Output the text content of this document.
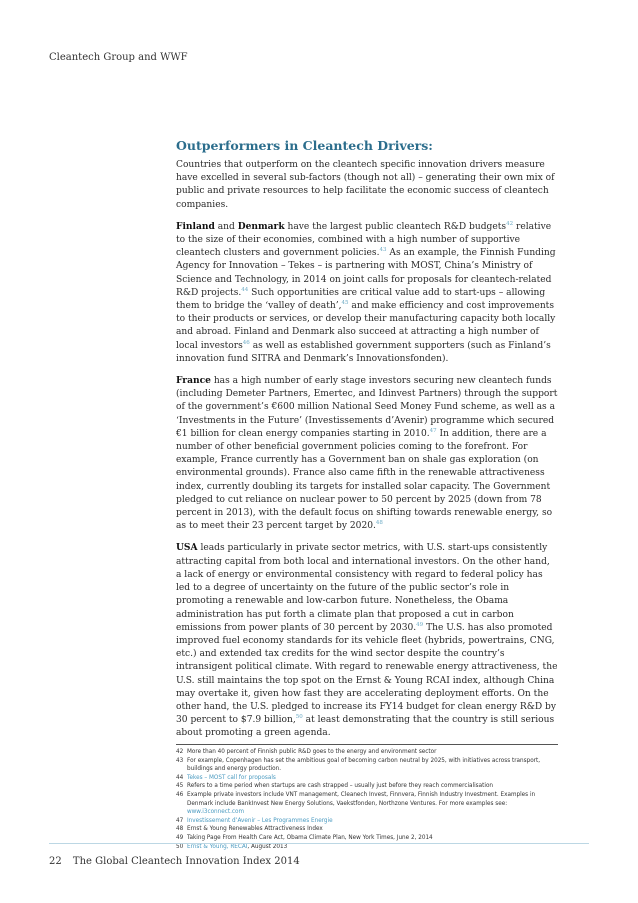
Cleantech Group and WWF
Outperformers in Cleantech Drivers:

Countries that outperform on the cleantech specific innovation drivers measure have excelled in several sub-factors (though not all) – generating their own mix of public and private resources to help facilitate the economic success of cleantech companies.

Finland and Denmark have the largest public cleantech R&D budgets$^{42}$ relative to the size of their economies, combined with a high number of supportive cleantech clusters and government policies.$^{43}$ As an example, the Finnish Funding Agency for Innovation – Tekes – is partnering with MOST, China’s Ministry of Science and Technology, in 2014 on joint calls for proposals for cleantech-related R&D projects.$^{44}$ Such opportunities are critical value add to start-ups – allowing them to bridge the ‘valley of death’,$^{45}$ and make efficiency and cost improvements to their products or services, or develop their manufacturing capacity both locally and abroad. Finland and Denmark also succeed at attracting a high number of local investors$^{46}$ as well as established government supporters (such as Finland’s innovation fund SITRA and Denmark’s Innovationsfonden).

France has a high number of early stage investors securing new cleantech funds (including Demeter Partners, Emertec, and Idinvest Partners) through the support of the government’s €600 million National Seed Money Fund scheme, as well as a ‘Investments in the Future’ (Investissements d’Avenir) programme which secured €1 billion for clean energy companies starting in 2010.47 In addition, there are a number of other beneficial government policies coming to the forefront. For example, France currently has a Government ban on shale gas exploration (on environmental grounds). France also came fifth in the renewable attractiveness index, currently doubling its targets for installed solar capacity. The Government pledged to cut reliance on nuclear power to 50 percent by 2025 (down from 78 percent in 2013), with the default focus on shifting towards renewable energy, so as to meet their 23 percent target by 2020.48

USA leads particularly in private sector metrics, with U.S. start-ups consistently attracting capital from both local and international investors. On the other hand, a lack of energy or environmental consistency with regard to federal policy has led to a degree of uncertainty on the future of the public sector’s role in promoting a renewable and low-carbon future. Nonetheless, the Obama administration has put forth a climate plan that proposed a cut in carbon emissions from power plants of 30 percent by 2030.49 The U.S. has also promoted improved fuel economy standards for its vehicle fleet (hybrids, powertrains, CNG, etc.) and extended tax credits for the wind sector despite the country’s intransigent political climate. With regard to renewable energy attractiveness, the U.S. still maintains the top spot on the Ernst & Young RCAI index, although China may overtake it, given how fast they are accelerating deployment efforts. On the other hand, the U.S. pledged to increase its FY14 budget for clean energy R&D by 30 percent to $7.9 billion,$^{50}$ at least demonstrating that the country is still serious about promoting a green agenda.

42 More than 40 percent of Finnish public R&D goes to the energy and environment sector
43 For example, Copenhagen has set the ambitious goal of becoming carbon neutral by 2025, with initiatives across transport, buildings and energy production.
44 Tekes – MOST call for proposals
45 Refers to a time period when startups are cash strapped – usually just before they reach commercialisation
46 Example private investors include VNT management, Cleanech Invest, Finnvera, Finnish Industry Investment. Examples in Denmark include BankInvest New Energy Solutions, Vaekstfonden, Northzone Ventures. For more examples see: www.i3connect.com
47 Investissement d’Avenir – Les Programmes Energie
48 Ernst & Young Renewables Attractiveness Index
49 Taking Page From Health Care Act, Obama Climate Plan, New York Times, June 2, 2014
50 Ernst & Young, RECAI, August 2013
22 The Global Cleantech Innovation Index 2014
